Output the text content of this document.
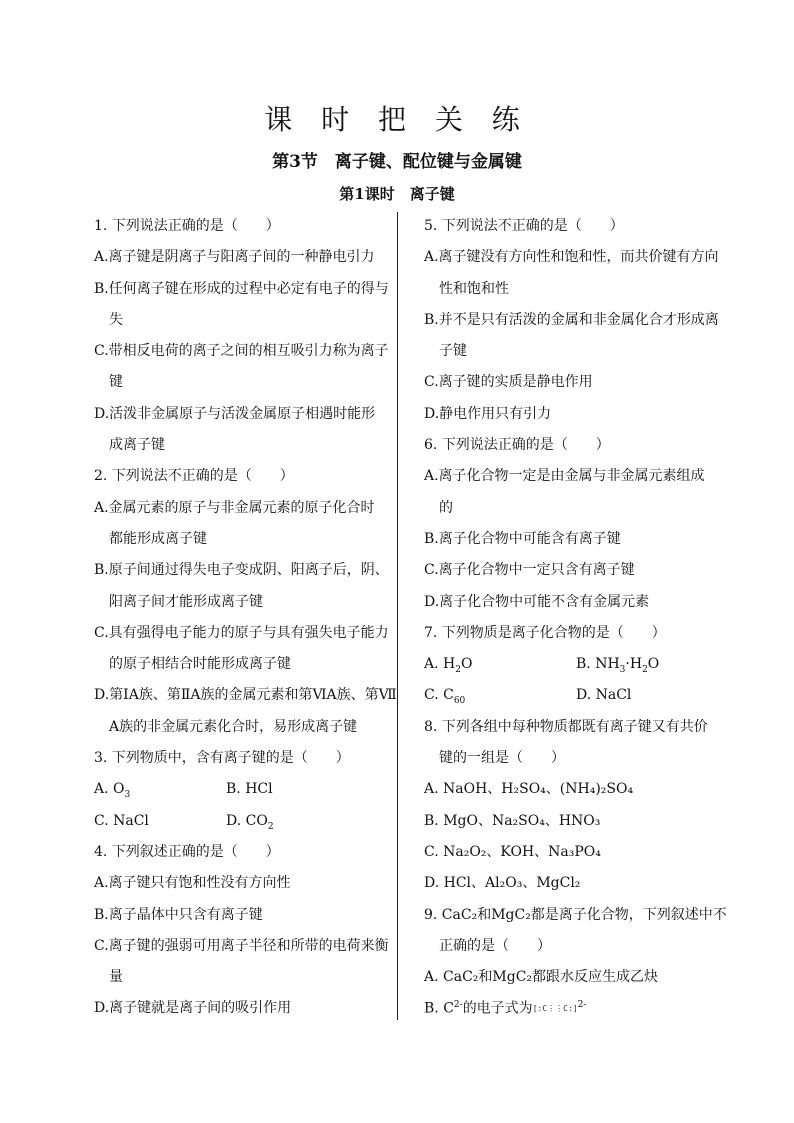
课 时 把 关 练
第3节　离子键、配位键与金属键
第1课时　离子键

1. 下列说法正确的是（　　）

A.离子键是阴离子与阳离子间的一种静电引力

B.任何离子键在形成的过程中必定有电子的得与

失

C.带相反电荷的离子之间的相互吸引力称为离子

键

D.活泼非金属原子与活泼金属原子相遇时能形

成离子键

2. 下列说法不正确的是（　　）

A.金属元素的原子与非金属元素的原子化合时

都能形成离子键

B.原子间通过得失电子变成阴、阳离子后，阴、

阳离子间才能形成离子键

C.具有强得电子能力的原子与具有强失电子能力

的原子相结合时能形成离子键

D.第ⅠA族、第ⅡA族的金属元素和第ⅥA族、第Ⅶ

A族的非金属元素化合时，易形成离子键

3. 下列物质中，含有离子键的是（　　）

A. $O_3$	B. HCl
C. NaCl	D. $CO_2$

4. 下列叙述正确的是（　　）

A.离子键只有饱和性没有方向性

B.离子晶体中只含有离子键

C.离子键的强弱可用离子半径和所带的电荷来衡

量

D.离子键就是离子间的吸引作用

5. 下列说法不正确的是（　　）

A.离子键没有方向性和饱和性，而共价键有方向

性和饱和性

B.并不是只有活泼的金属和非金属化合才形成离

子键

C.离子键的实质是静电作用

D.静电作用只有引力

6. 下列说法正确的是（　　）

A.离子化合物一定是由金属与非金属元素组成

的

B.离子化合物中可能含有离子键

C.离子化合物中一定只含有离子键

D.离子化合物中可能不含有金属元素

7. 下列物质是离子化合物的是（　　）

A. $H_2O$	B. $NH_3\cdot H_2O$
C. $C_{60}$	D. NaCl

8. 下列各组中每种物质都既有离子键又有共价

键的一组是（　　）

A. NaOH、H₂SO₄、(NH₄)₂SO₄

B. MgO、Na₂SO₄、HNO₃

C. Na₂O₂、KOH、Na₃PO₄

D. HCl、Al₂O₃、MgCl₂

9. CaC₂和MgC₂都是离子化合物，下列叙述中不

正确的是（　　）

A. CaC₂和MgC₂都跟水反应生成乙炔

B. $C^{2-}$的电子式为[:C⋮⋮C:]$^{2-}$
